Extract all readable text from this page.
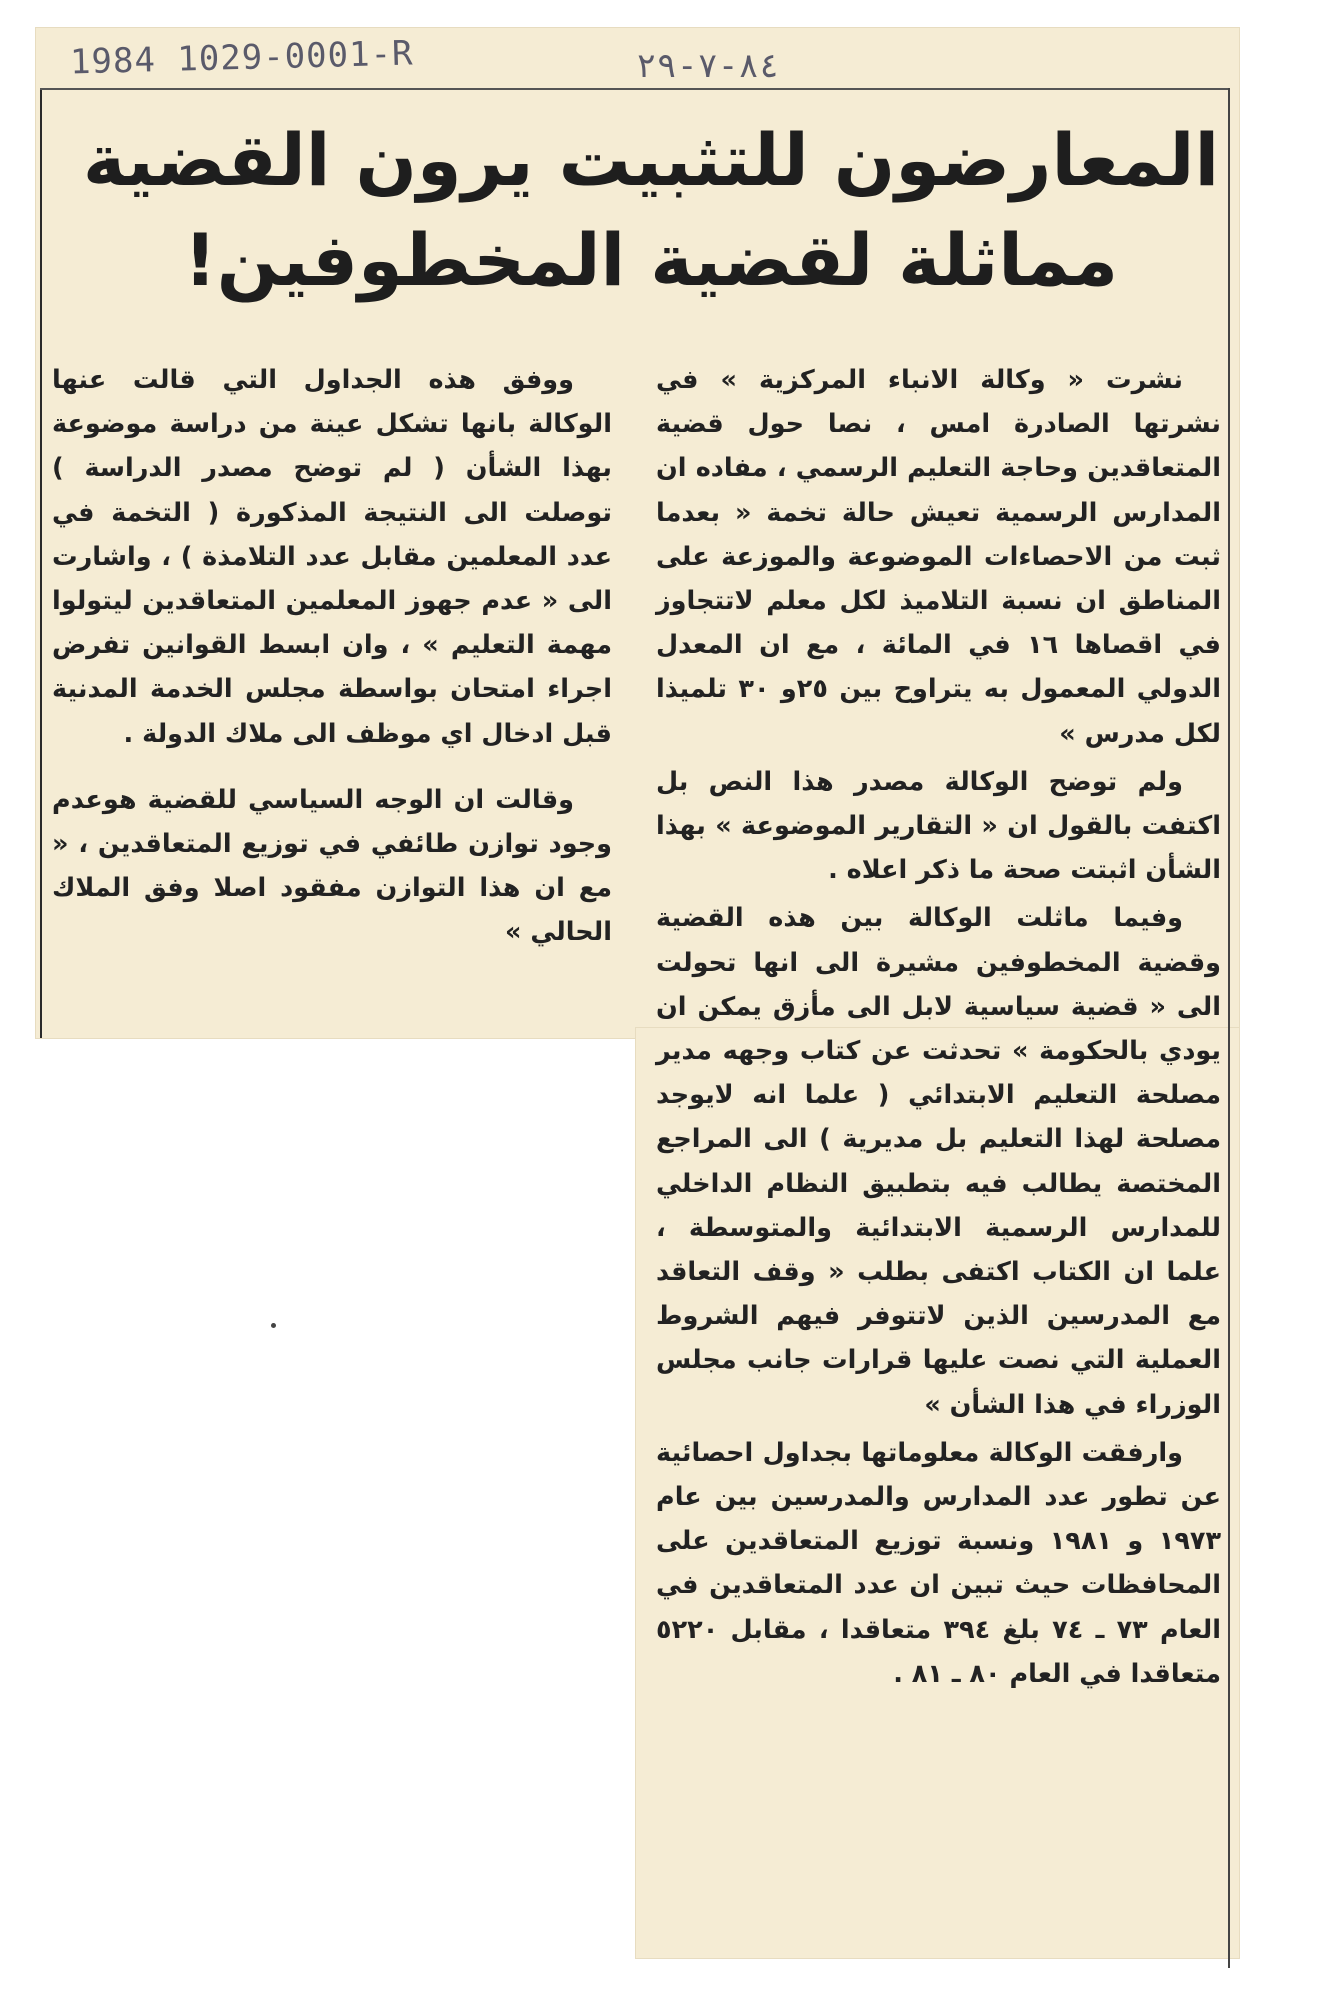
1984 1029-0001-R	٨٤-٧-٢٩
المعارضون للتثبيت يرون القضية
مماثلة لقضية المخطوفين!

نشرت « وكالة الانباء المركزية » في نشرتها الصادرة امس ، نصا حول قضية المتعاقدين وحاجة التعليم الرسمي ، مفاده ان المدارس الرسمية تعيش حالة تخمة « بعدما ثبت من الاحصاءات الموضوعة والموزعة على المناطق ان نسبة التلاميذ لكل معلم لاتتجاوز في اقصاها ١٦ في المائة ، مع ان المعدل الدولي المعمول به يتراوح بين ٢٥و ٣٠ تلميذا لكل مدرس »

ولم توضح الوكالة مصدر هذا النص بل اكتفت بالقول ان « التقارير الموضوعة » بهذا الشأن اثبتت صحة ما ذكر اعلاه .

وفيما ماثلت الوكالة بين هذه القضية وقضية المخطوفين مشيرة الى انها تحولت الى « قضية سياسية لابل الى مأزق يمكن ان يودي بالحكومة » تحدثت عن كتاب وجهه مدير مصلحة التعليم الابتدائي ( علما انه لايوجد مصلحة لهذا التعليم بل مديرية ) الى المراجع المختصة يطالب فيه بتطبيق النظام الداخلي للمدارس الرسمية الابتدائية والمتوسطة ، علما ان الكتاب اكتفى بطلب « وقف التعاقد مع المدرسين الذين لاتتوفر فيهم الشروط العملية التي نصت عليها قرارات جانب مجلس الوزراء في هذا الشأن »

وارفقت الوكالة معلوماتها بجداول احصائية عن تطور عدد المدارس والمدرسين بين عام ١٩٧٣ و ١٩٨١ ونسبة توزيع المتعاقدين على المحافظات حيث تبين ان عدد المتعاقدين في العام ٧٣ ـ ٧٤ بلغ ٣٩٤ متعاقدا ، مقابل ٥٢٢٠ متعاقدا في العام ٨٠ ـ ٨١ .

ووفق هذه الجداول التي قالت عنها الوكالة بانها تشكل عينة من دراسة موضوعة بهذا الشأن ( لم توضح مصدر الدراسة ) توصلت الى النتيجة المذكورة ( التخمة في عدد المعلمين مقابل عدد التلامذة ) ، واشارت الى « عدم جهوز المعلمين المتعاقدين ليتولوا مهمة التعليم » ، وان ابسط القوانين تفرض اجراء امتحان بواسطة مجلس الخدمة المدنية قبل ادخال اي موظف الى ملاك الدولة .

وقالت ان الوجه السياسي للقضية هوعدم وجود توازن طائفي في توزيع المتعاقدين ، « مع ان هذا التوازن مفقود اصلا وفق الملاك الحالي »
